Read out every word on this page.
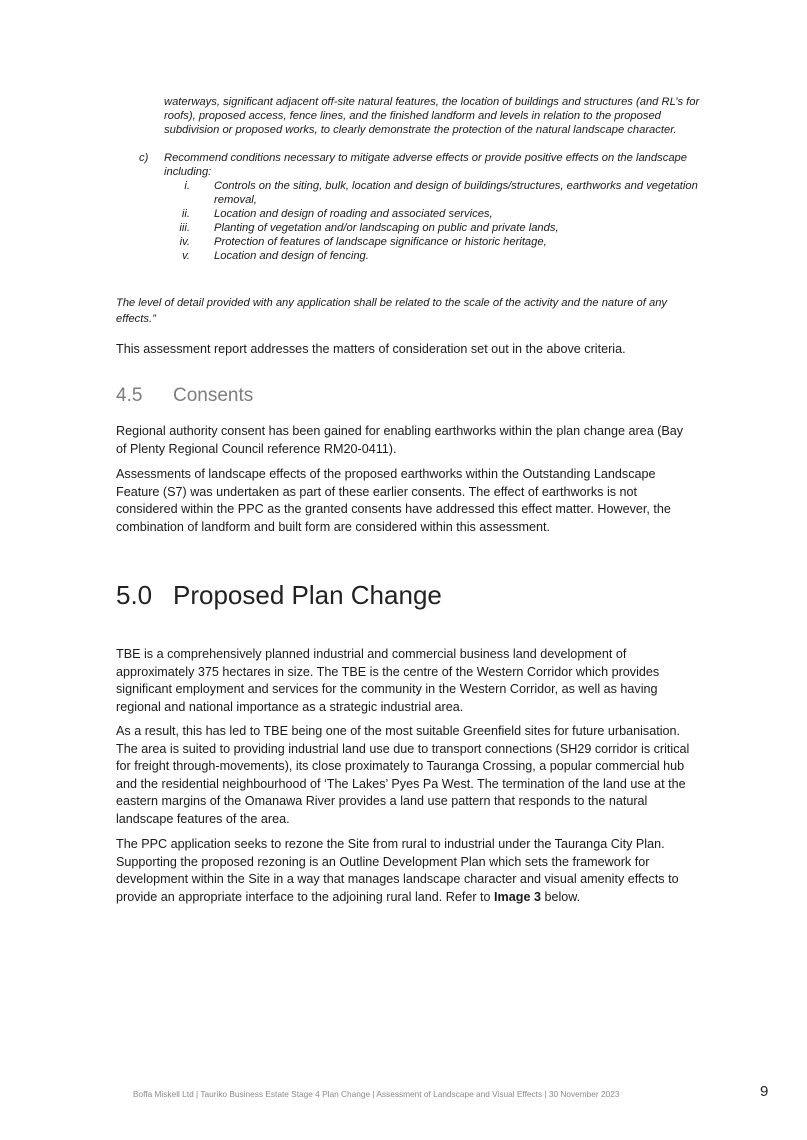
waterways, significant adjacent off-site natural features, the location of buildings and structures (and RL’s for roofs), proposed access, fence lines, and the finished landform and levels in relation to the proposed subdivision or proposed works, to clearly demonstrate the protection of the natural landscape character.
c) Recommend conditions necessary to mitigate adverse effects or provide positive effects on the landscape including:
i. Controls on the siting, bulk, location and design of buildings/structures, earthworks and vegetation removal,
ii. Location and design of roading and associated services,
iii. Planting of vegetation and/or landscaping on public and private lands,
iv. Protection of features of landscape significance or historic heritage,
v. Location and design of fencing.
The level of detail provided with any application shall be related to the scale of the activity and the nature of any effects.”
This assessment report addresses the matters of consideration set out in the above criteria.
4.5 Consents
Regional authority consent has been gained for enabling earthworks within the plan change area (Bay of Plenty Regional Council reference RM20-0411).
Assessments of landscape effects of the proposed earthworks within the Outstanding Landscape Feature (S7) was undertaken as part of these earlier consents. The effect of earthworks is not considered within the PPC as the granted consents have addressed this effect matter. However, the combination of landform and built form are considered within this assessment.
5.0 Proposed Plan Change
TBE is a comprehensively planned industrial and commercial business land development of approximately 375 hectares in size. The TBE is the centre of the Western Corridor which provides significant employment and services for the community in the Western Corridor, as well as having regional and national importance as a strategic industrial area.
As a result, this has led to TBE being one of the most suitable Greenfield sites for future urbanisation. The area is suited to providing industrial land use due to transport connections (SH29 corridor is critical for freight through-movements), its close proximately to Tauranga Crossing, a popular commercial hub and the residential neighbourhood of ‘The Lakes’ Pyes Pa West. The termination of the land use at the eastern margins of the Omanawa River provides a land use pattern that responds to the natural landscape features of the area.
The PPC application seeks to rezone the Site from rural to industrial under the Tauranga City Plan. Supporting the proposed rezoning is an Outline Development Plan which sets the framework for development within the Site in a way that manages landscape character and visual amenity effects to provide an appropriate interface to the adjoining rural land. Refer to Image 3 below.
Boffa Miskell Ltd | Tauriko Business Estate Stage 4 Plan Change | Assessment of Landscape and Visual Effects | 30 November 2023	9
